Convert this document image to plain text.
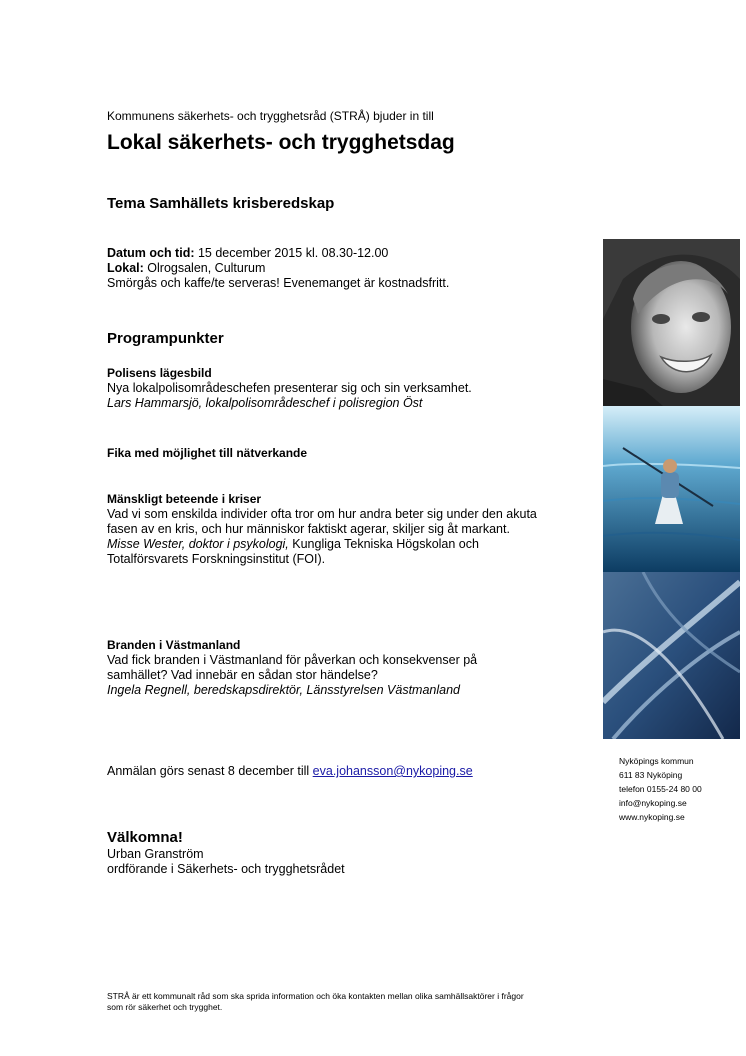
Kommunens säkerhets- och trygghetsråd (STRÅ) bjuder in till
Lokal säkerhets- och trygghetsdag
Tema Samhällets krisberedskap
Datum och tid: 15 december 2015 kl. 08.30-12.00
Lokal: Olrogsalen, Culturum
Smörgås och kaffe/te serveras! Evenemanget är kostnadsfritt.
Programpunkter
Polisens lägesbild
Nya lokalpolisområdeschefen presenterar sig och sin verksamhet.
Lars Hammarsjö, lokalpolisområdeschef i polisregion Öst
Fika med möjlighet till nätverkande
Mänskligt beteende i kriser
Vad vi som enskilda individer ofta tror om hur andra beter sig under den akuta fasen av en kris, och hur människor faktiskt agerar, skiljer sig åt markant.
Misse Wester, doktor i psykologi, Kungliga Tekniska Högskolan och Totalförsvarets Forskningsinstitut (FOI).
Branden i Västmanland
Vad fick branden i Västmanland för påverkan och konsekvenser på samhället? Vad innebär en sådan stor händelse?
Ingela Regnell, beredskapsdirektör, Länsstyrelsen Västmanland
Anmälan görs senast 8 december till eva.johansson@nykoping.se
Välkomna!
Urban Granström
ordförande i Säkerhets- och trygghetsrådet
STRÅ är ett kommunalt råd som ska sprida information och öka kontakten mellan olika samhällsaktörer i frågor som rör säkerhet och trygghet.
Nyköpings kommun
611 83 Nyköping
telefon 0155-24 80 00
info@nykoping.se
www.nykoping.se
